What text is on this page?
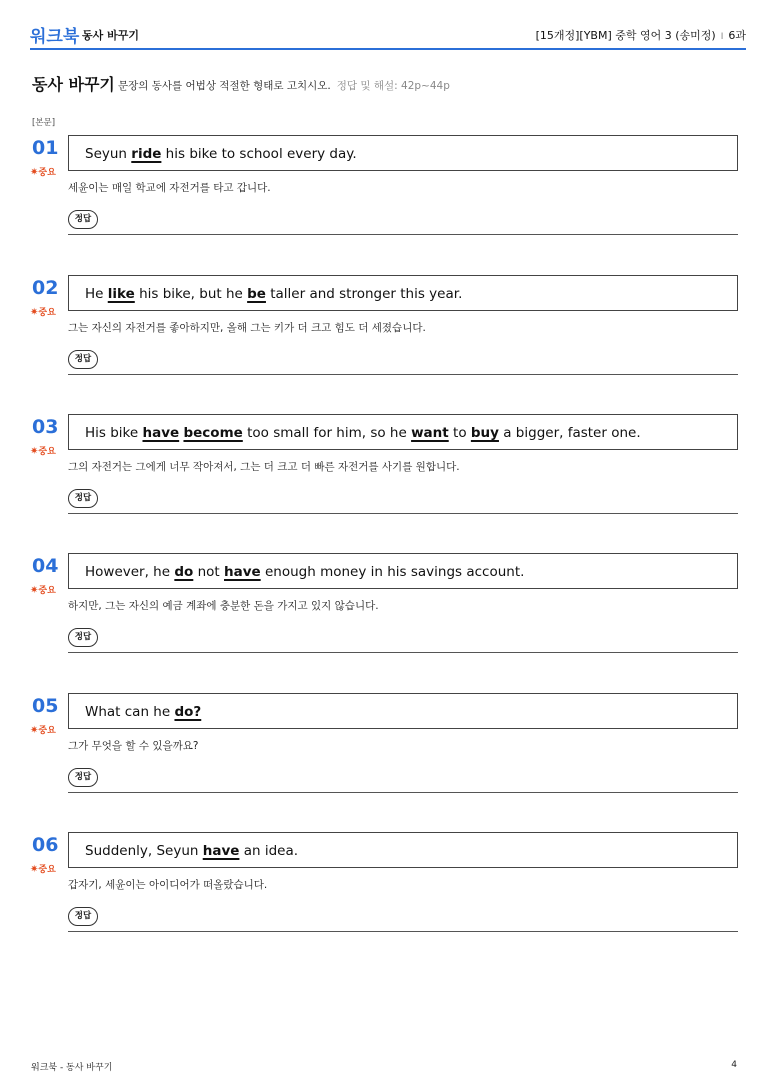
워크북 동사 바꾸기	[15개정][YBM] 중학 영어 3 (송미정) I 6과
동사 바꾸기 문장의 동사를 어법상 적절한 형태로 고치시오. 정답 및 해설: 42p~44p
[본문]
01
✷중요
Seyun ride his bike to school every day.
세윤이는 매일 학교에 자전거를 타고 갑니다.
정답
02
✷중요
He like his bike, but he be taller and stronger this year.
그는 자신의 자전거를 좋아하지만, 올해 그는 키가 더 크고 힘도 더 세졌습니다.
정답
03
✷중요
His bike have become too small for him, so he want to buy a bigger, faster one.
그의 자전거는 그에게 너무 작아져서, 그는 더 크고 더 빠른 자전거를 사기를 원합니다.
정답
04
✷중요
However, he do not have enough money in his savings account.
하지만, 그는 자신의 예금 계좌에 충분한 돈을 가지고 있지 않습니다.
정답
05
✷중요
What can he do?
그가 무엇을 할 수 있을까요?
정답
06
✷중요
Suddenly, Seyun have an idea.
갑자기, 세윤이는 아이디어가 떠올랐습니다.
정답
워크북 - 동사 바꾸기	4
